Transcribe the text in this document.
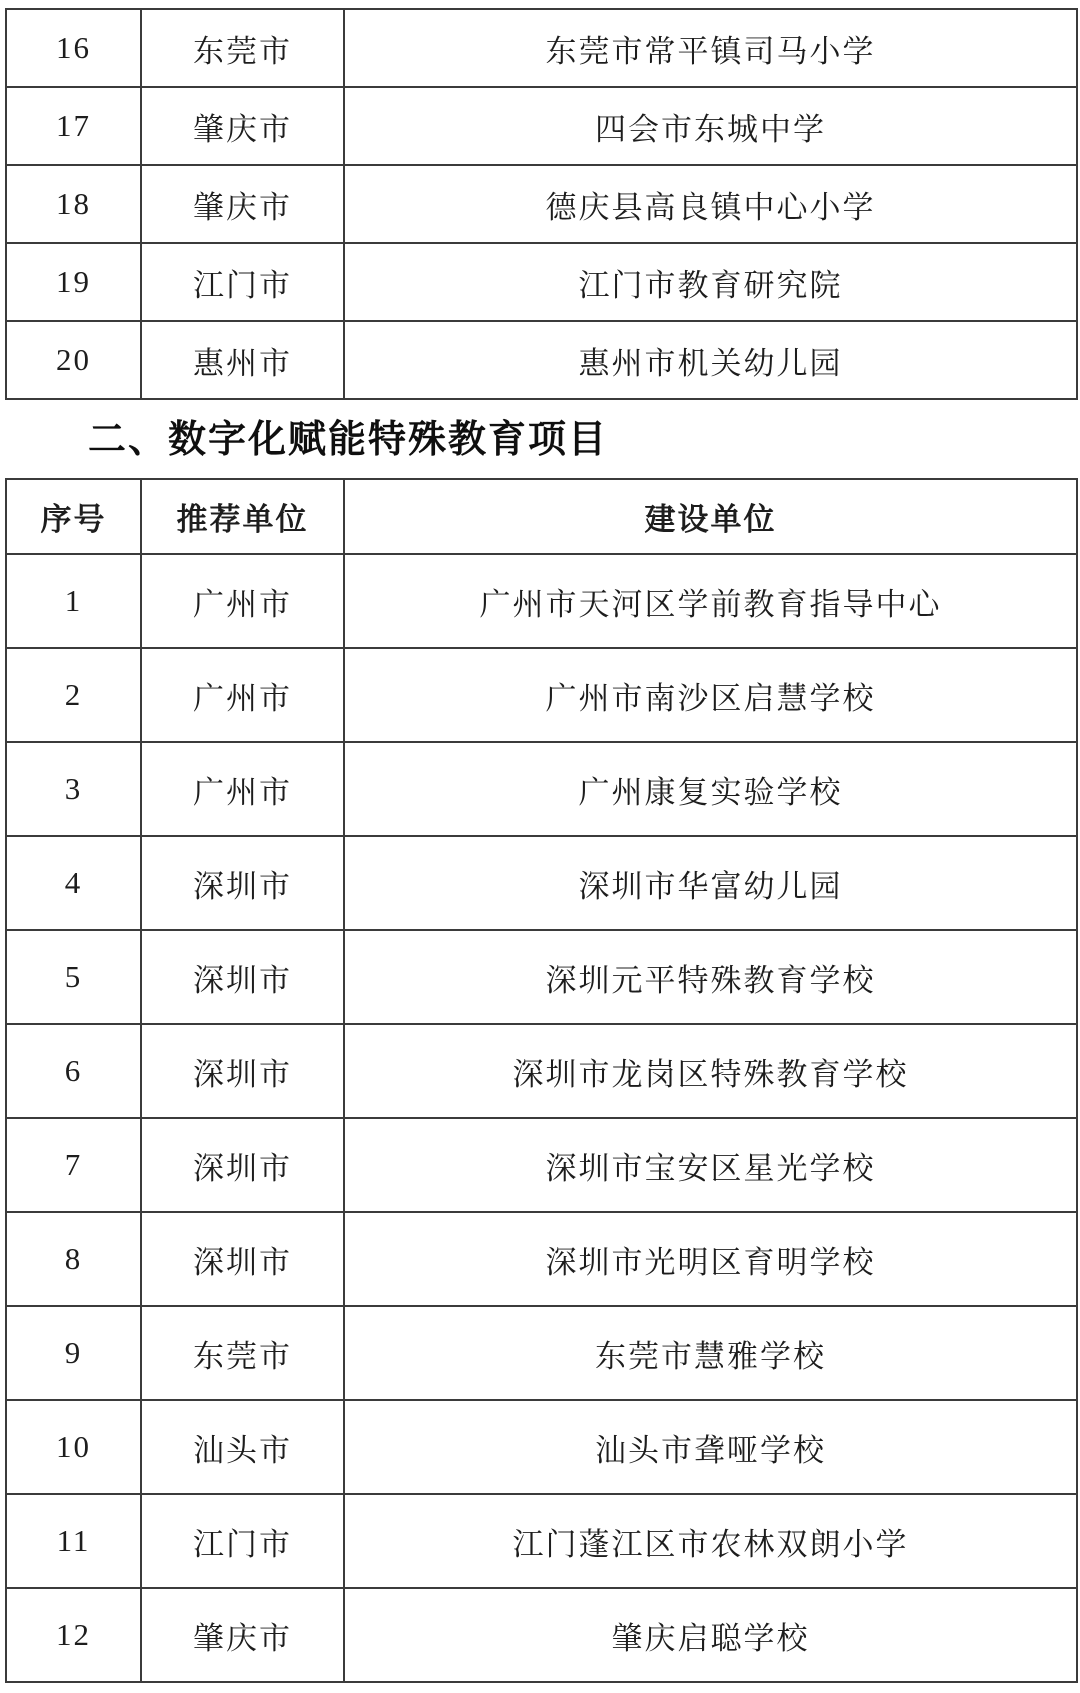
16	东莞市	东莞市常平镇司马小学
17	肇庆市	四会市东城中学
18	肇庆市	德庆县高良镇中心小学
19	江门市	江门市教育研究院
20	惠州市	惠州市机关幼儿园
二、数字化赋能特殊教育项目
序号	推荐单位	建设单位
1	广州市	广州市天河区学前教育指导中心
2	广州市	广州市南沙区启慧学校
3	广州市	广州康复实验学校
4	深圳市	深圳市华富幼儿园
5	深圳市	深圳元平特殊教育学校
6	深圳市	深圳市龙岗区特殊教育学校
7	深圳市	深圳市宝安区星光学校
8	深圳市	深圳市光明区育明学校
9	东莞市	东莞市慧雅学校
10	汕头市	汕头市聋哑学校
11	江门市	江门蓬江区市农林双朗小学
12	肇庆市	肇庆启聪学校
